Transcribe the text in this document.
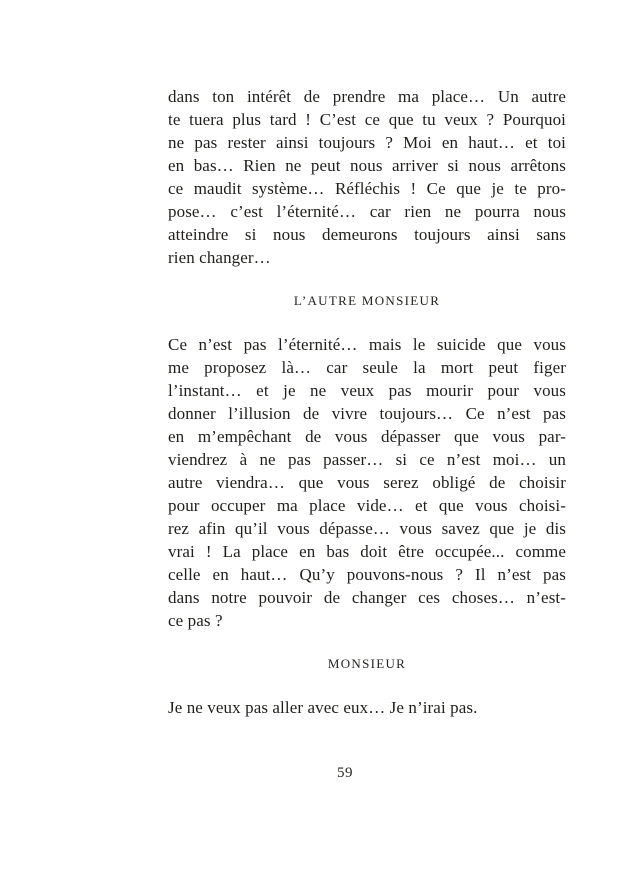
dans ton intérêt de prendre ma place… Un autre
te tuera plus tard ! C’est ce que tu veux ? Pourquoi
ne pas rester ainsi toujours ? Moi en haut… et toi
en bas… Rien ne peut nous arriver si nous arrêtons
ce maudit système… Réfléchis ! Ce que je te pro-
pose… c’est l’éternité… car rien ne pourra nous
atteindre si nous demeurons toujours ainsi sans
rien changer…
L’AUTRE MONSIEUR
Ce n’est pas l’éternité… mais le suicide que vous
me proposez là… car seule la mort peut figer
l’instant… et je ne veux pas mourir pour vous
donner l’illusion de vivre toujours… Ce n’est pas
en m’empêchant de vous dépasser que vous par-
viendrez à ne pas passer… si ce n’est moi… un
autre viendra… que vous serez obligé de choisir
pour occuper ma place vide… et que vous choisi-
rez afin qu’il vous dépasse… vous savez que je dis
vrai ! La place en bas doit être occupée... comme
celle en haut… Qu’y pouvons-nous ? Il n’est pas
dans notre pouvoir de changer ces choses… n’est-
ce pas ?
MONSIEUR
Je ne veux pas aller avec eux… Je n’irai pas.
59
